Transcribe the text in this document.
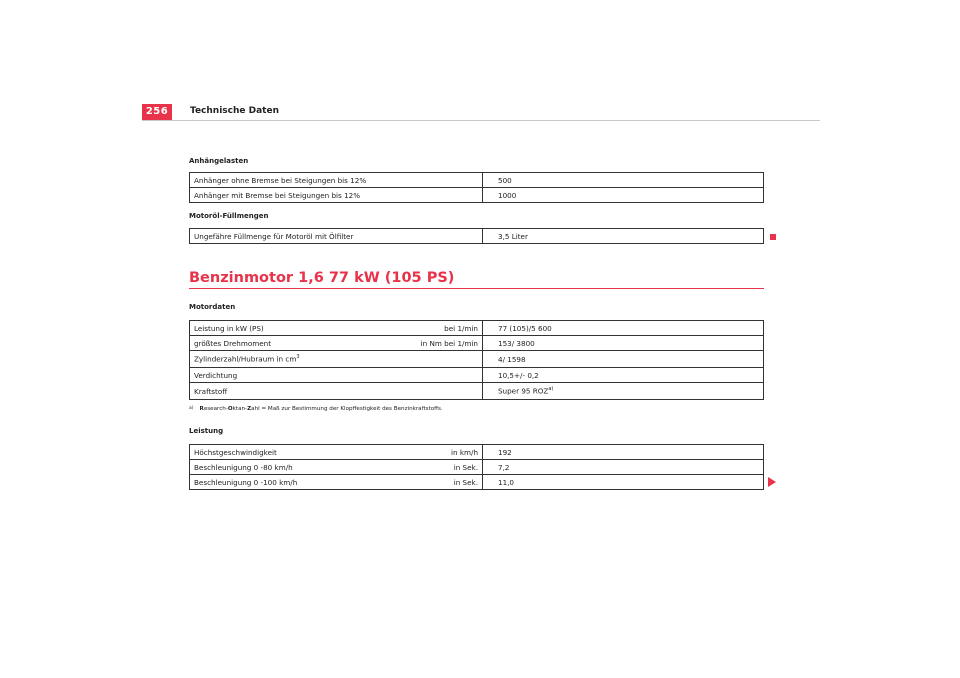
256	Technische Daten
Anhängelasten
Anhänger ohne Bremse bei Steigungen bis 12%	500
Anhänger mit Bremse bei Steigungen bis 12%	1000
Motoröl-Füllmengen
Ungefähre Füllmenge für Motoröl mit Ölfilter	3,5 Liter
Benzinmotor 1,6 77 kW (105 PS)
Motordaten
Leistung in kW (PS) bei 1/min	77 (105)/5 600
größtes Drehmoment in Nm bei 1/min	153/ 3800
Zylinderzahl/Hubraum in $cm^3$	4/ 1598
Verdichtung	10,5+/- 0,2
Kraftstoff	Super 95 ROZ$^{a)}$
$^{a)}$ Research-Oktan-Zahl = Maß zur Bestimmung der Klopffestigkeit des Benzinkraftstoffs.
Leistung
Höchstgeschwindigkeit in km/h	192
Beschleunigung 0 -80 km/h in Sek.	7,2
Beschleunigung 0 -100 km/h in Sek.	11,0
